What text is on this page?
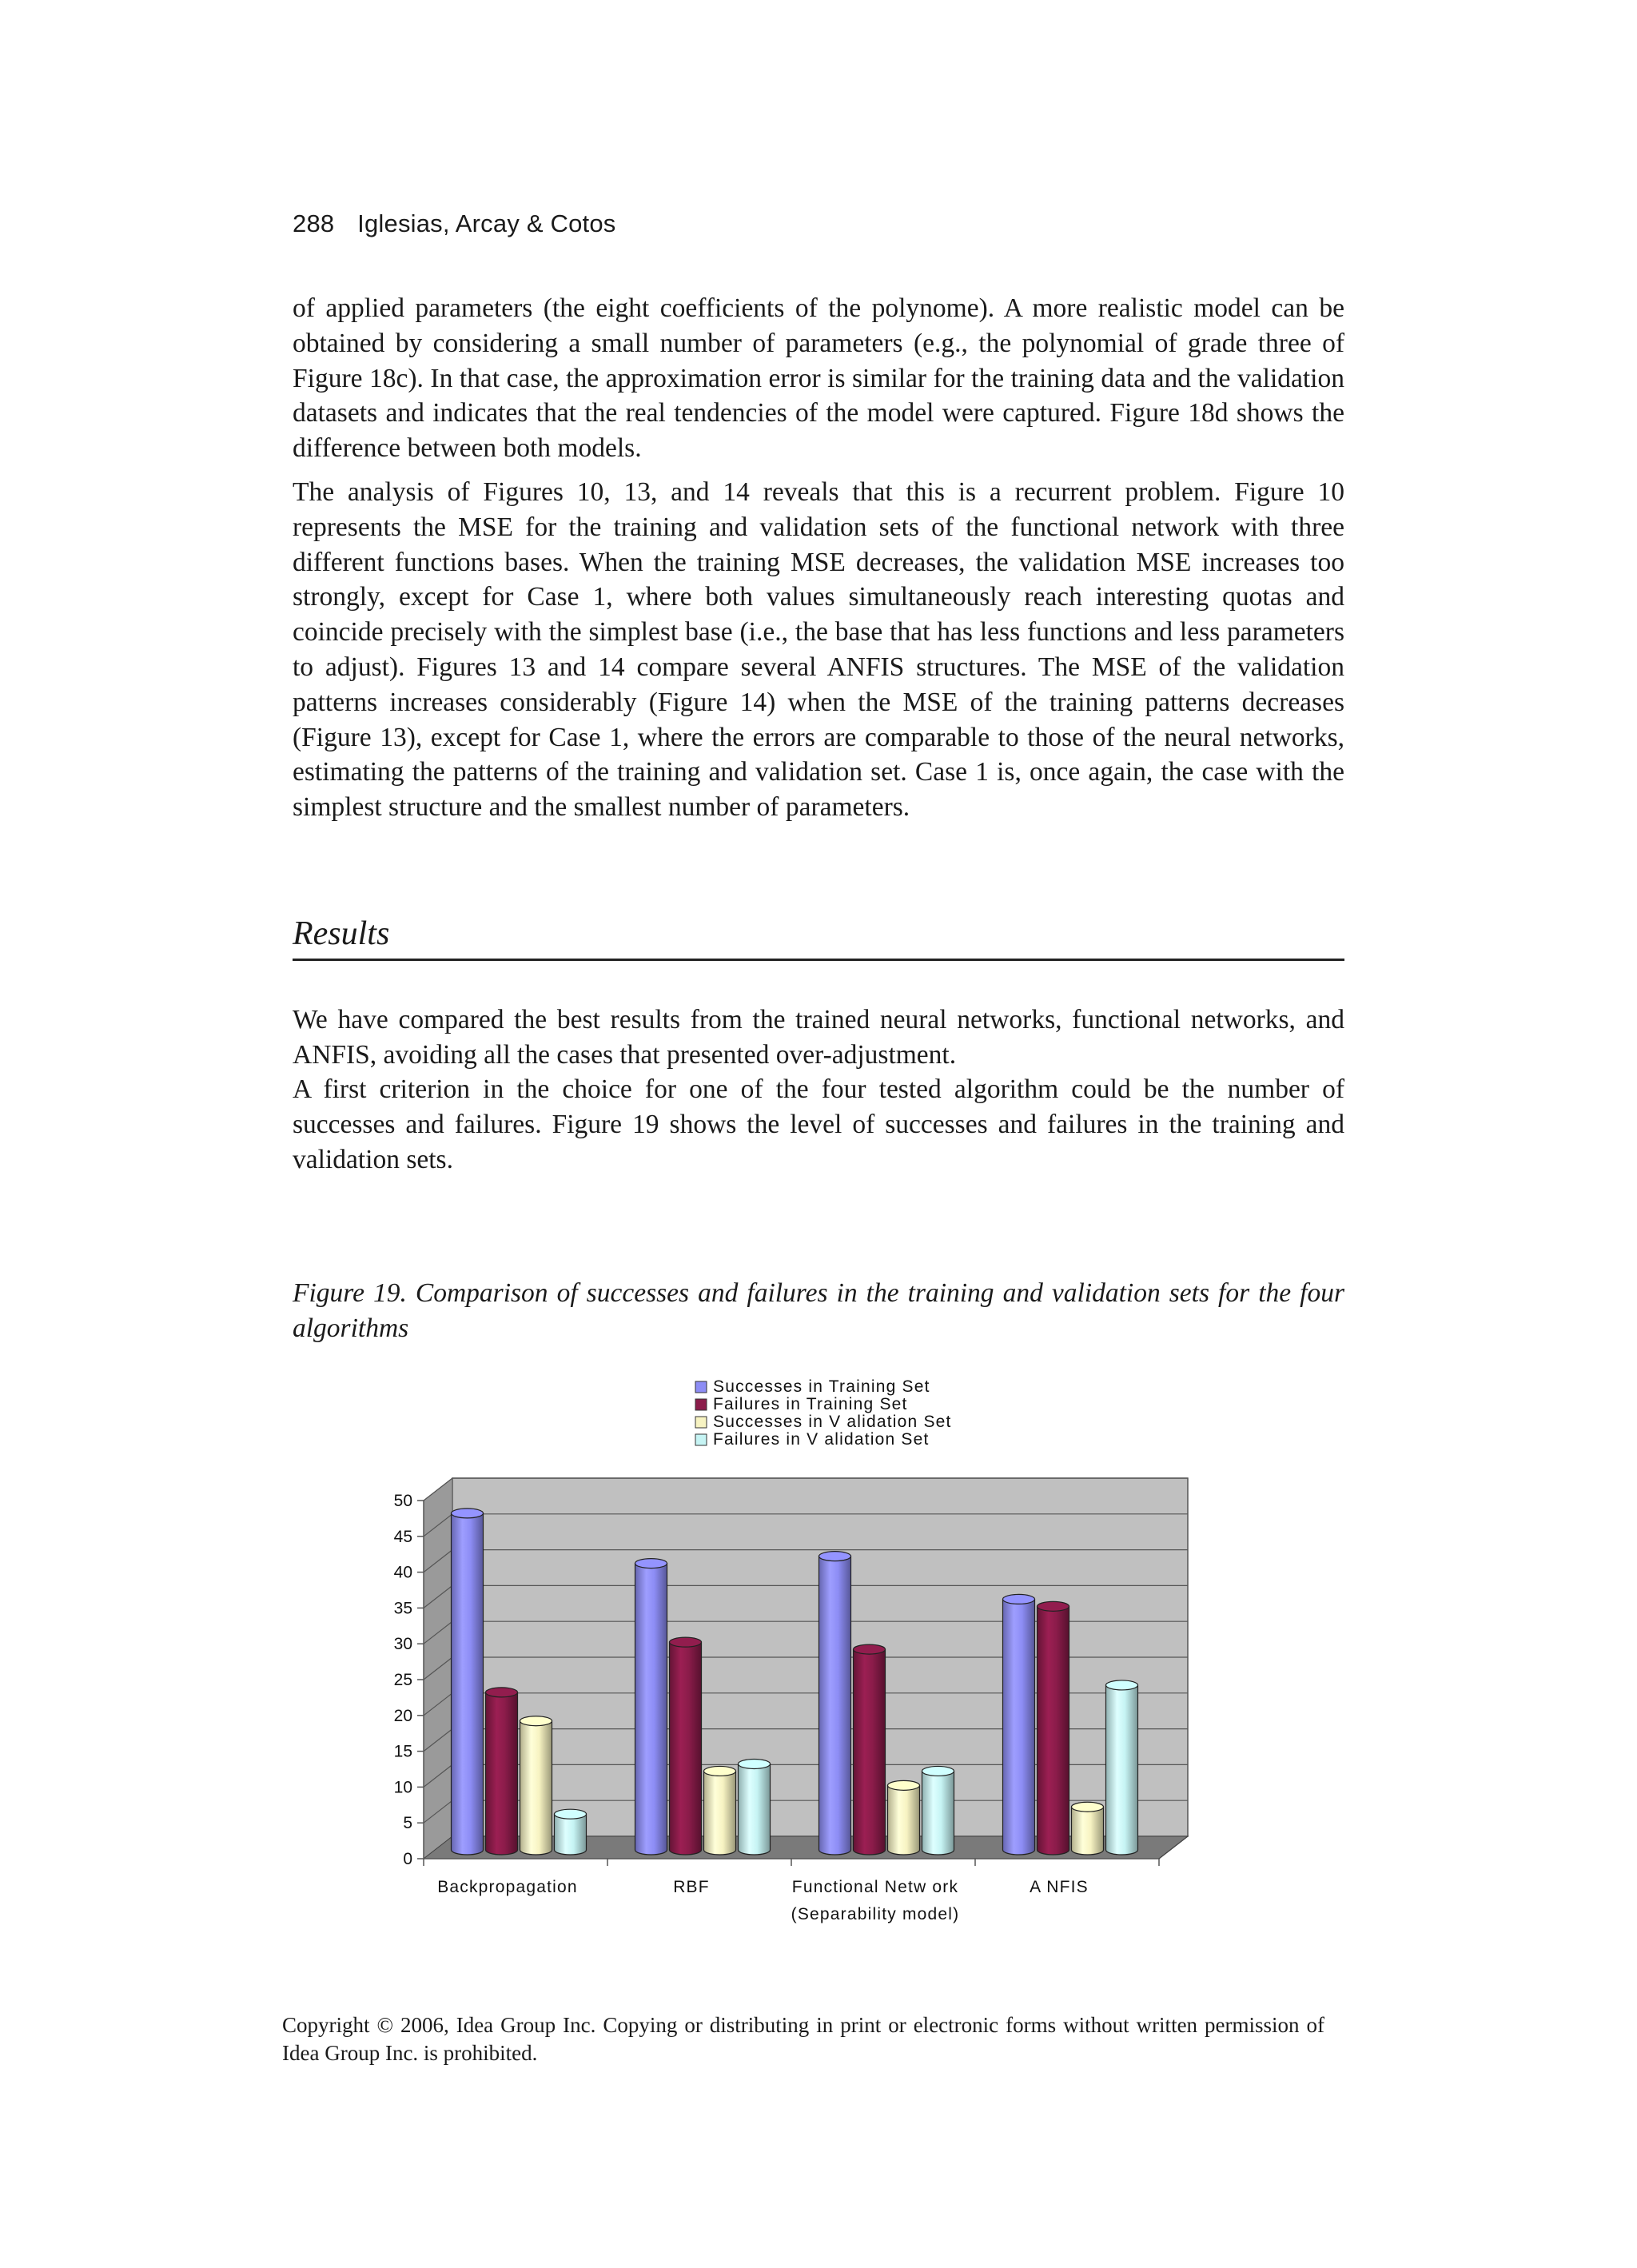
288 Iglesias, Arcay & Cotos

of applied parameters (the eight coefficients of the polynome). A more realistic model can be obtained by considering a small number of parameters (e.g., the polynomial of grade three of Figure 18c). In that case, the approximation error is similar for the training data and the validation datasets and indicates that the real tendencies of the model were captured. Figure 18d shows the difference between both models.

The analysis of Figures 10, 13, and 14 reveals that this is a recurrent problem. Figure 10 represents the MSE for the training and validation sets of the functional network with three different functions bases. When the training MSE decreases, the validation MSE increases too strongly, except for Case 1, where both values simultaneously reach interesting quotas and coincide precisely with the simplest base (i.e., the base that has less functions and less parameters to adjust). Figures 13 and 14 compare several ANFIS structures. The MSE of the validation patterns increases considerably (Figure 14) when the MSE of the training patterns decreases (Figure 13), except for Case 1, where the errors are comparable to those of the neural networks, estimating the patterns of the training and validation set. Case 1 is, once again, the case with the simplest structure and the smallest number of parameters.

Results

We have compared the best results from the trained neural networks, functional networks, and ANFIS, avoiding all the cases that presented over-adjustment.

A first criterion in the choice for one of the four tested algorithm could be the number of successes and failures. Figure 19 shows the level of successes and failures in the training and validation sets.

Figure 19. Comparison of successes and failures in the training and validation sets for the four algorithms

Successes in Training Set
Failures in Training Set
Successes in V alidation Set
Failures in V alidation Set
0
5
10
15
20
25
30
35
40
45
50
Backpropagation	RBF	Functional Netw ork (Separability model)
A NFIS

Copyright © 2006, Idea Group Inc. Copying or distributing in print or electronic forms without written permission of Idea Group Inc. is prohibited.
